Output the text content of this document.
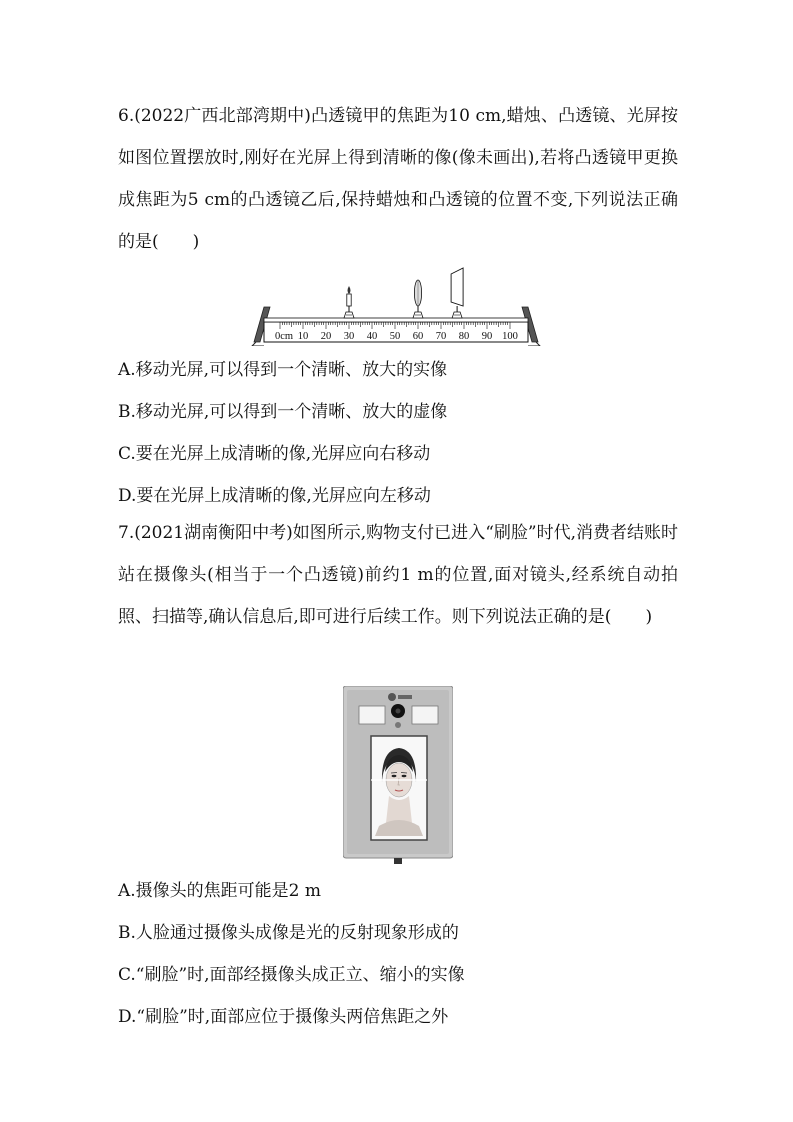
6.(2022广西北部湾期中)凸透镜甲的焦距为10 cm,蜡烛、凸透镜、光屏按如图位置摆放时,刚好在光屏上得到清晰的像(像未画出),若将凸透镜甲更换成焦距为5 cm的凸透镜乙后,保持蜡烛和凸透镜的位置不变,下列说法正确的是(　　)

0cm 10 20 30 40 50 60 70 80 90 100

A.移动光屏,可以得到一个清晰、放大的实像

B.移动光屏,可以得到一个清晰、放大的虚像

C.要在光屏上成清晰的像,光屏应向右移动

D.要在光屏上成清晰的像,光屏应向左移动

7.(2021湖南衡阳中考)如图所示,购物支付已进入“刷脸”时代,消费者结账时站在摄像头(相当于一个凸透镜)前约1 m的位置,面对镜头,经系统自动拍照、扫描等,确认信息后,即可进行后续工作。则下列说法正确的是(　　)

A.摄像头的焦距可能是2 m

B.人脸通过摄像头成像是光的反射现象形成的

C.“刷脸”时,面部经摄像头成正立、缩小的实像

D.“刷脸”时,面部应位于摄像头两倍焦距之外
